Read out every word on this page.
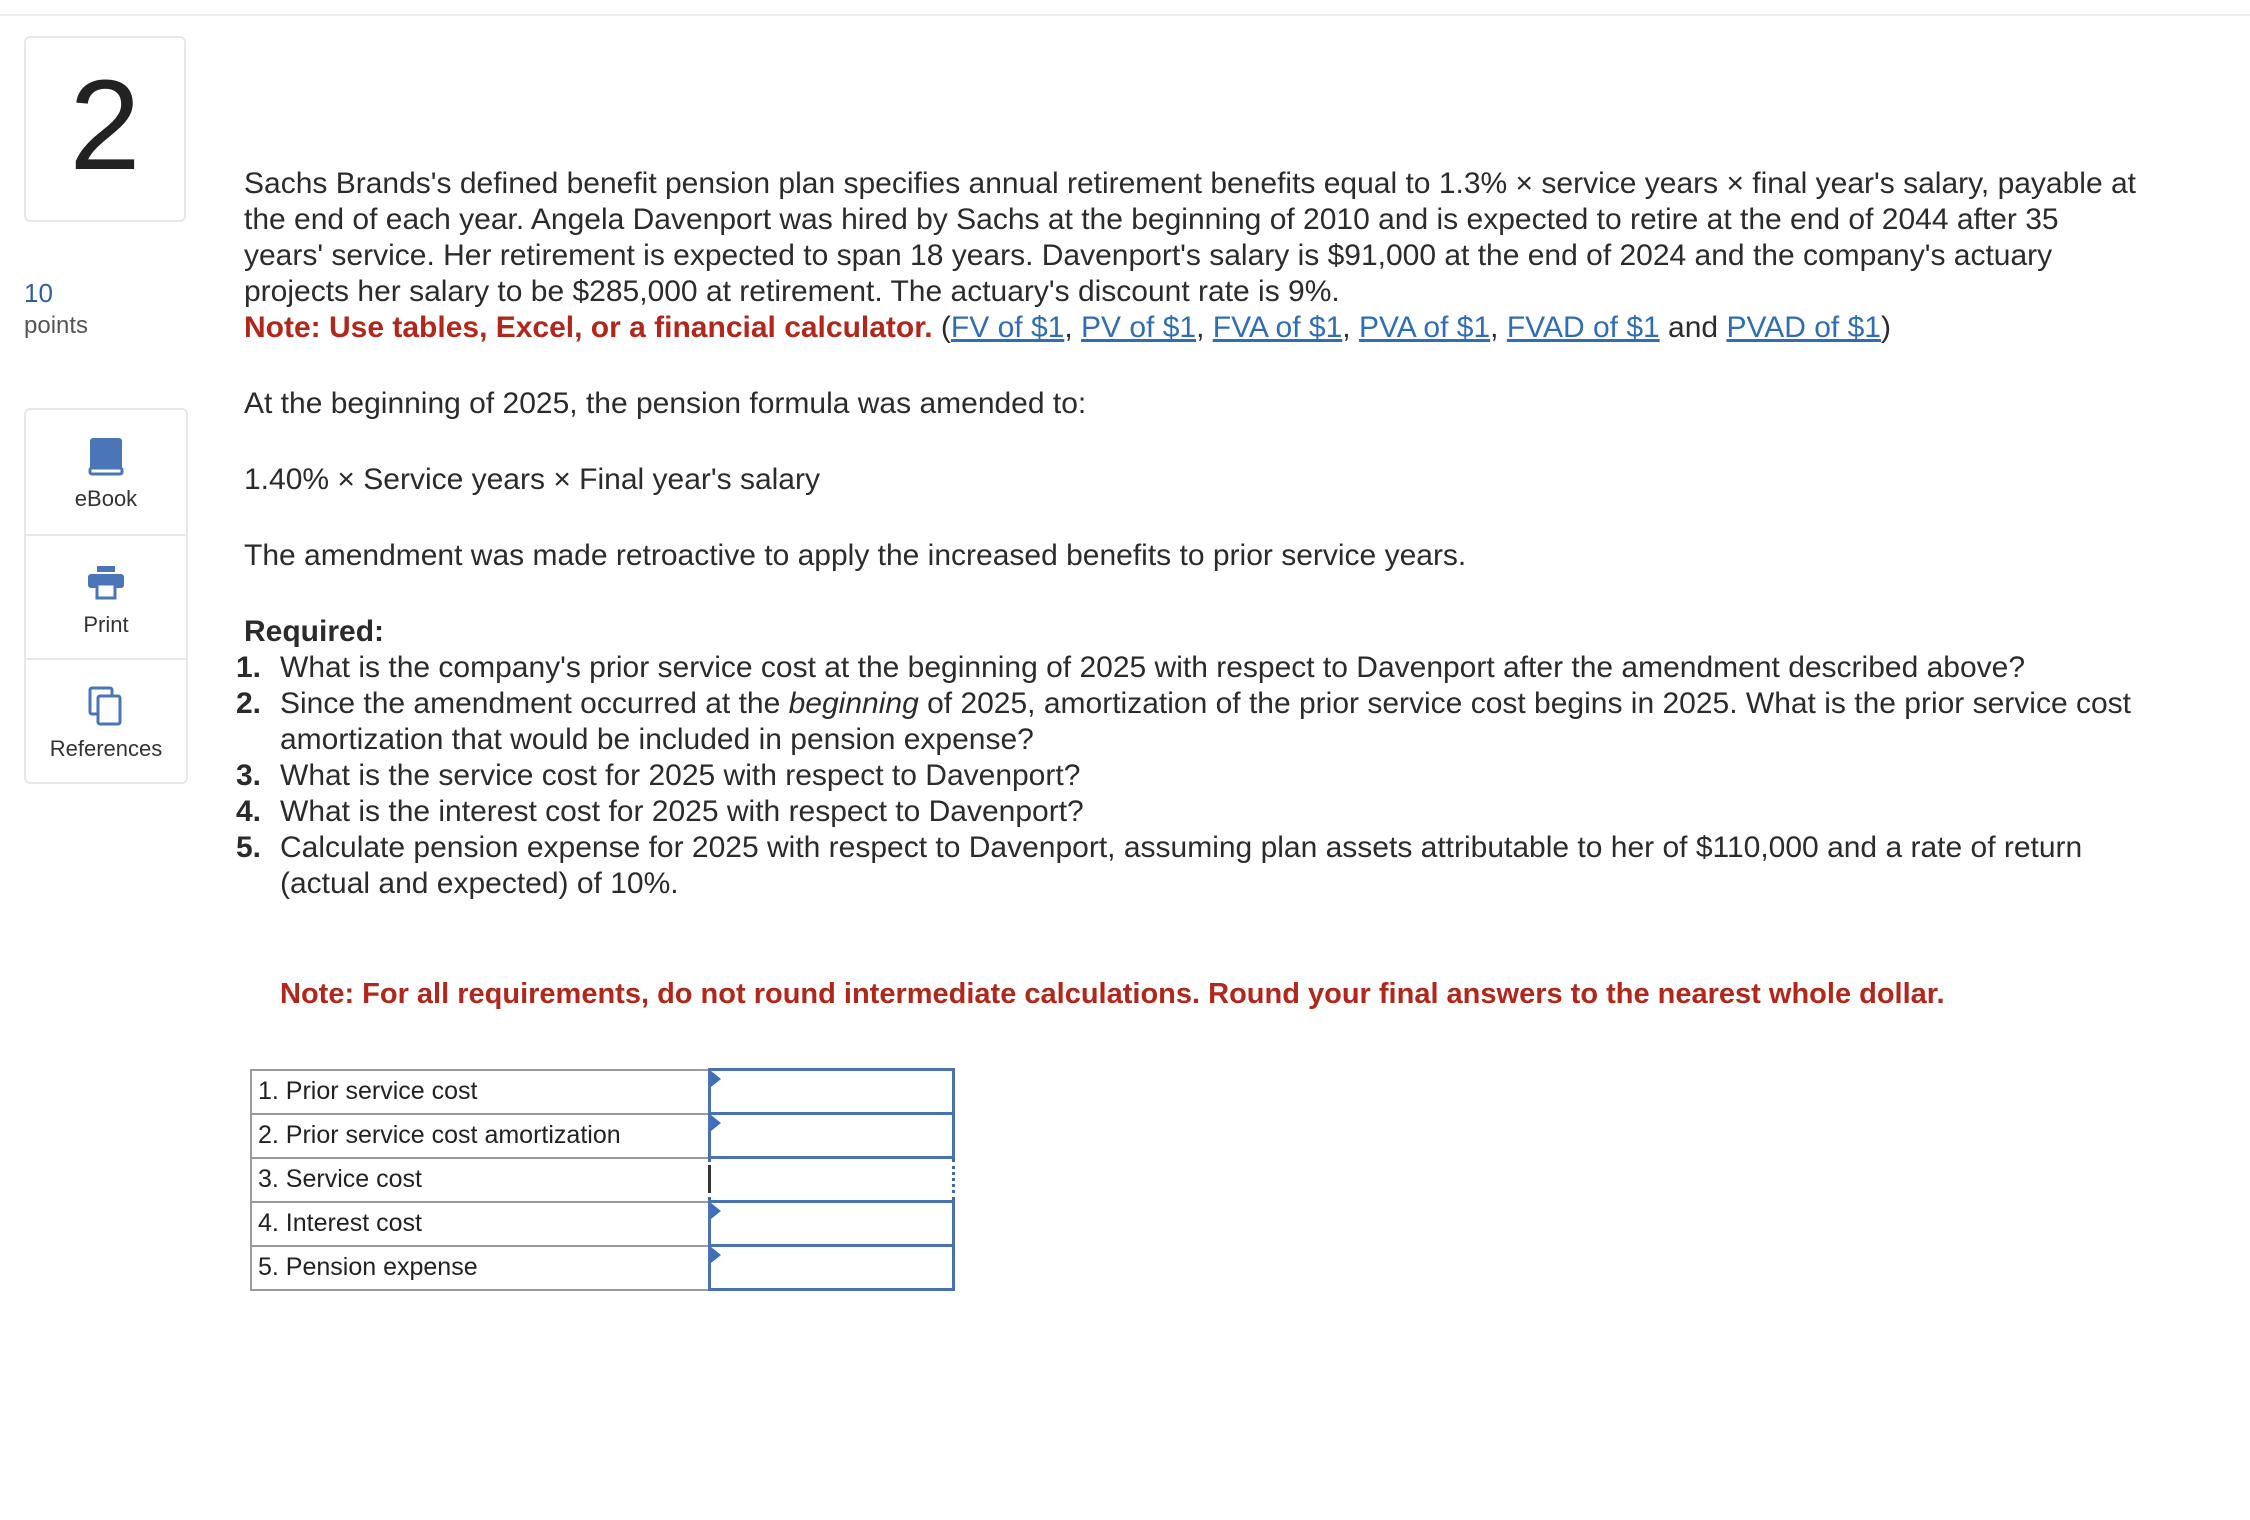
2
10
points
eBook
Print
References

Sachs Brands's defined benefit pension plan specifies annual retirement benefits equal to 1.3% × service years × final year's salary, payable at the end of each year. Angela Davenport was hired by Sachs at the beginning of 2010 and is expected to retire at the end of 2044 after 35 years' service. Her retirement is expected to span 18 years. Davenport's salary is $91,000 at the end of 2024 and the company's actuary projects her salary to be $285,000 at retirement. The actuary's discount rate is 9%.
Note: Use tables, Excel, or a financial calculator. (FV of $1, PV of $1, FVA of $1, PVA of $1, FVAD of $1 and PVAD of $1)

At the beginning of 2025, the pension formula was amended to:

1.40% × Service years × Final year's salary

The amendment was made retroactive to apply the increased benefits to prior service years.

Required:
1. What is the company's prior service cost at the beginning of 2025 with respect to Davenport after the amendment described above?
2. Since the amendment occurred at the beginning of 2025, amortization of the prior service cost begins in 2025. What is the prior service cost amortization that would be included in pension expense?
3. What is the service cost for 2025 with respect to Davenport?
4. What is the interest cost for 2025 with respect to Davenport?
5. Calculate pension expense for 2025 with respect to Davenport, assuming plan assets attributable to her of $110,000 and a rate of return (actual and expected) of 10%.
Note: For all requirements, do not round intermediate calculations. Round your final answers to the nearest whole dollar.
1. Prior service cost	

2. Prior service cost amortization	

3. Service cost	

4. Interest cost	

5. Pension expense	
